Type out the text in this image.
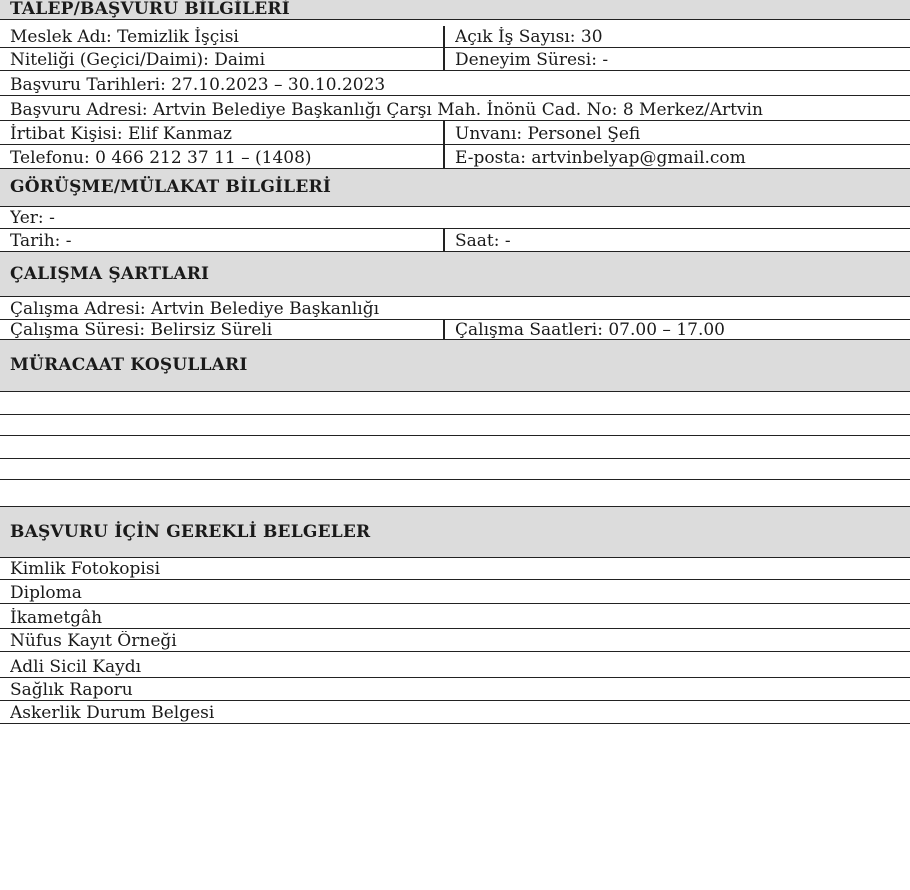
TALEP/BAŞVURU BİLGİLERİ
Meslek Adı: Temizlik İşçisi	Açık İş Sayısı: 30
Niteliği (Geçici/Daimi): Daimi	Deneyim Süresi: -
Başvuru Tarihleri: 27.10.2023 – 30.10.2023
Başvuru Adresi: Artvin Belediye Başkanlığı Çarşı Mah. İnönü Cad. No: 8 Merkez/Artvin
İrtibat Kişisi: Elif Kanmaz	Unvanı: Personel Şefi
Telefonu: 0 466 212 37 11 – (1408)	E-posta: artvinbelyap@gmail.com
GÖRÜŞME/MÜLAKAT BİLGİLERİ
Yer: -
Tarih: -	Saat: -
ÇALIŞMA ŞARTLARI
Çalışma Adresi: Artvin Belediye Başkanlığı
Çalışma Süresi: Belirsiz Süreli	Çalışma Saatleri: 07.00 – 17.00
MÜRACAAT KOŞULLARI
BAŞVURU İÇİN GEREKLİ BELGELER
Kimlik Fotokopisi
Diploma
İkametgâh
Nüfus Kayıt Örneği
Adli Sicil Kaydı
Sağlık Raporu
Askerlik Durum Belgesi
